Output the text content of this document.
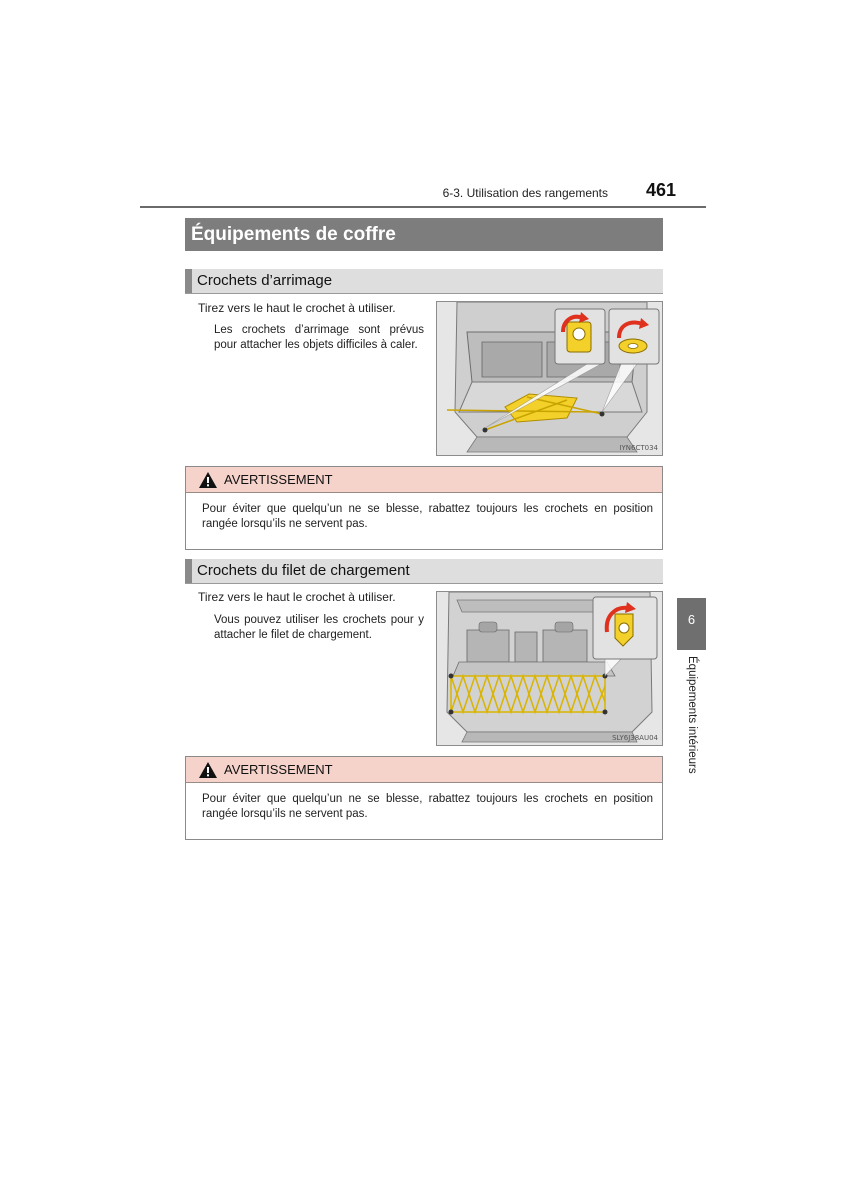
6-3. Utilisation des rangements	461
Équipements de coffre
Crochets d’arrimage
Tirez vers le haut le crochet à utiliser.
Les crochets d’arrimage sont prévus pour attacher les objets difficiles à caler.
IYN6CT034
AVERTISSEMENT
Pour éviter que quelqu’un ne se blesse, rabattez toujours les crochets en position rangée lorsqu’ils ne servent pas.
Crochets du filet de chargement
Tirez vers le haut le crochet à utiliser.
Vous pouvez utiliser les crochets pour y attacher le filet de chargement.
SLY6J38AU04
AVERTISSEMENT
Pour éviter que quelqu’un ne se blesse, rabattez toujours les crochets en position rangée lorsqu’ils ne servent pas.
6
Équipements intérieurs
